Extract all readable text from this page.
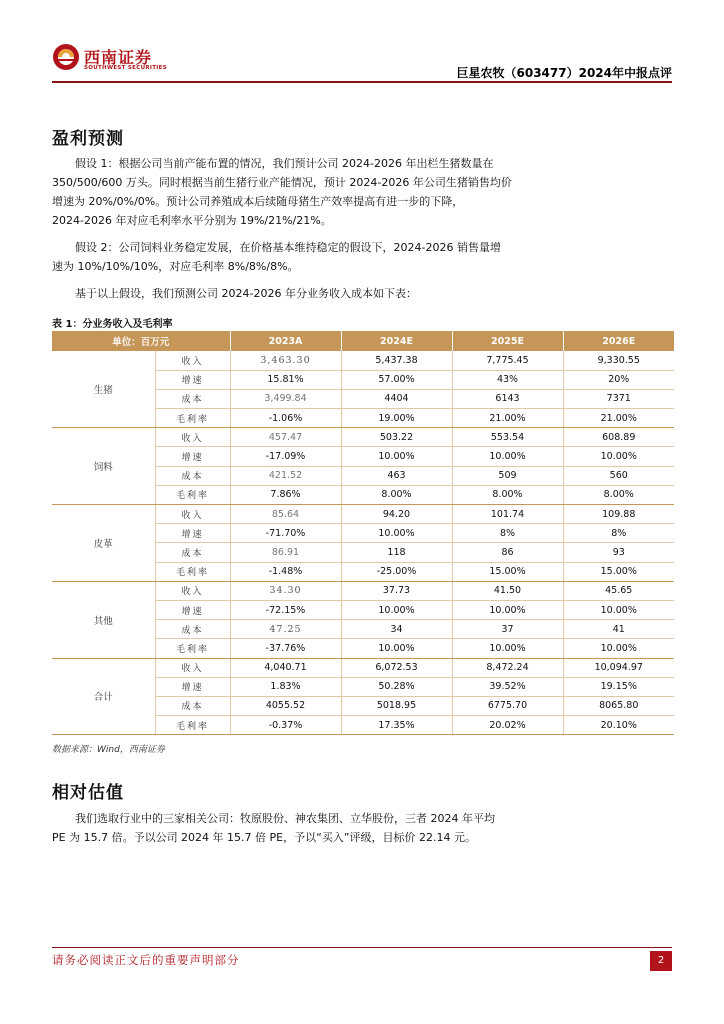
西南证券
SOUTHWEST SECURITIES	巨星农牧（603477）2024年中报点评
盈利预测
假设 1：根据公司当前产能布置的情况，我们预计公司 2024-2026 年出栏生猪数量在
350/500/600 万头。同时根据当前生猪行业产能情况，预计 2024-2026 年公司生猪销售均价
增速为 20%/0%/0%。预计公司养殖成本后续随母猪生产效率提高有进一步的下降，
2024-2026 年对应毛利率水平分别为 19%/21%/21%。
假设 2：公司饲料业务稳定发展，在价格基本维持稳定的假设下，2024-2026 销售量增
速为 10%/10%/10%，对应毛利率 8%/8%/8%。
基于以上假设，我们预测公司 2024-2026 年分业务收入成本如下表：
表 1：分业务收入及毛利率
单位：百万元		2023A	2024E	2025E	2026E
生猪	收入	3,463.30	5,437.38	7,775.45	9,330.55
	增速	15.81%	57.00%	43%	20%
	成本	3,499.84	4404	6143	7371
	毛利率	-1.06%	19.00%	21.00%	21.00%
饲料	收入	457.47	503.22	553.54	608.89
	增速	-17.09%	10.00%	10.00%	10.00%
	成本	421.52	463	509	560
	毛利率	7.86%	8.00%	8.00%	8.00%
皮革	收入	85.64	94.20	101.74	109.88
	增速	-71.70%	10.00%	8%	8%
	成本	86.91	118	86	93
	毛利率	-1.48%	-25.00%	15.00%	15.00%
其他	收入	34.30	37.73	41.50	45.65
	增速	-72.15%	10.00%	10.00%	10.00%
	成本	47.25	34	37	41
	毛利率	-37.76%	10.00%	10.00%	10.00%
合计	收入	4,040.71	6,072.53	8,472.24	10,094.97
	增速	1.83%	50.28%	39.52%	19.15%
	成本	4055.52	5018.95	6775.70	8065.80
	毛利率	-0.37%	17.35%	20.02%	20.10%
数据来源：Wind，西南证券
相对估值
我们选取行业中的三家相关公司：牧原股份、神农集团、立华股份，三者 2024 年平均
PE 为 15.7 倍。予以公司 2024 年 15.7 倍 PE，予以“买入”评级，目标价 22.14 元。
请务必阅读正文后的重要声明部分	2
